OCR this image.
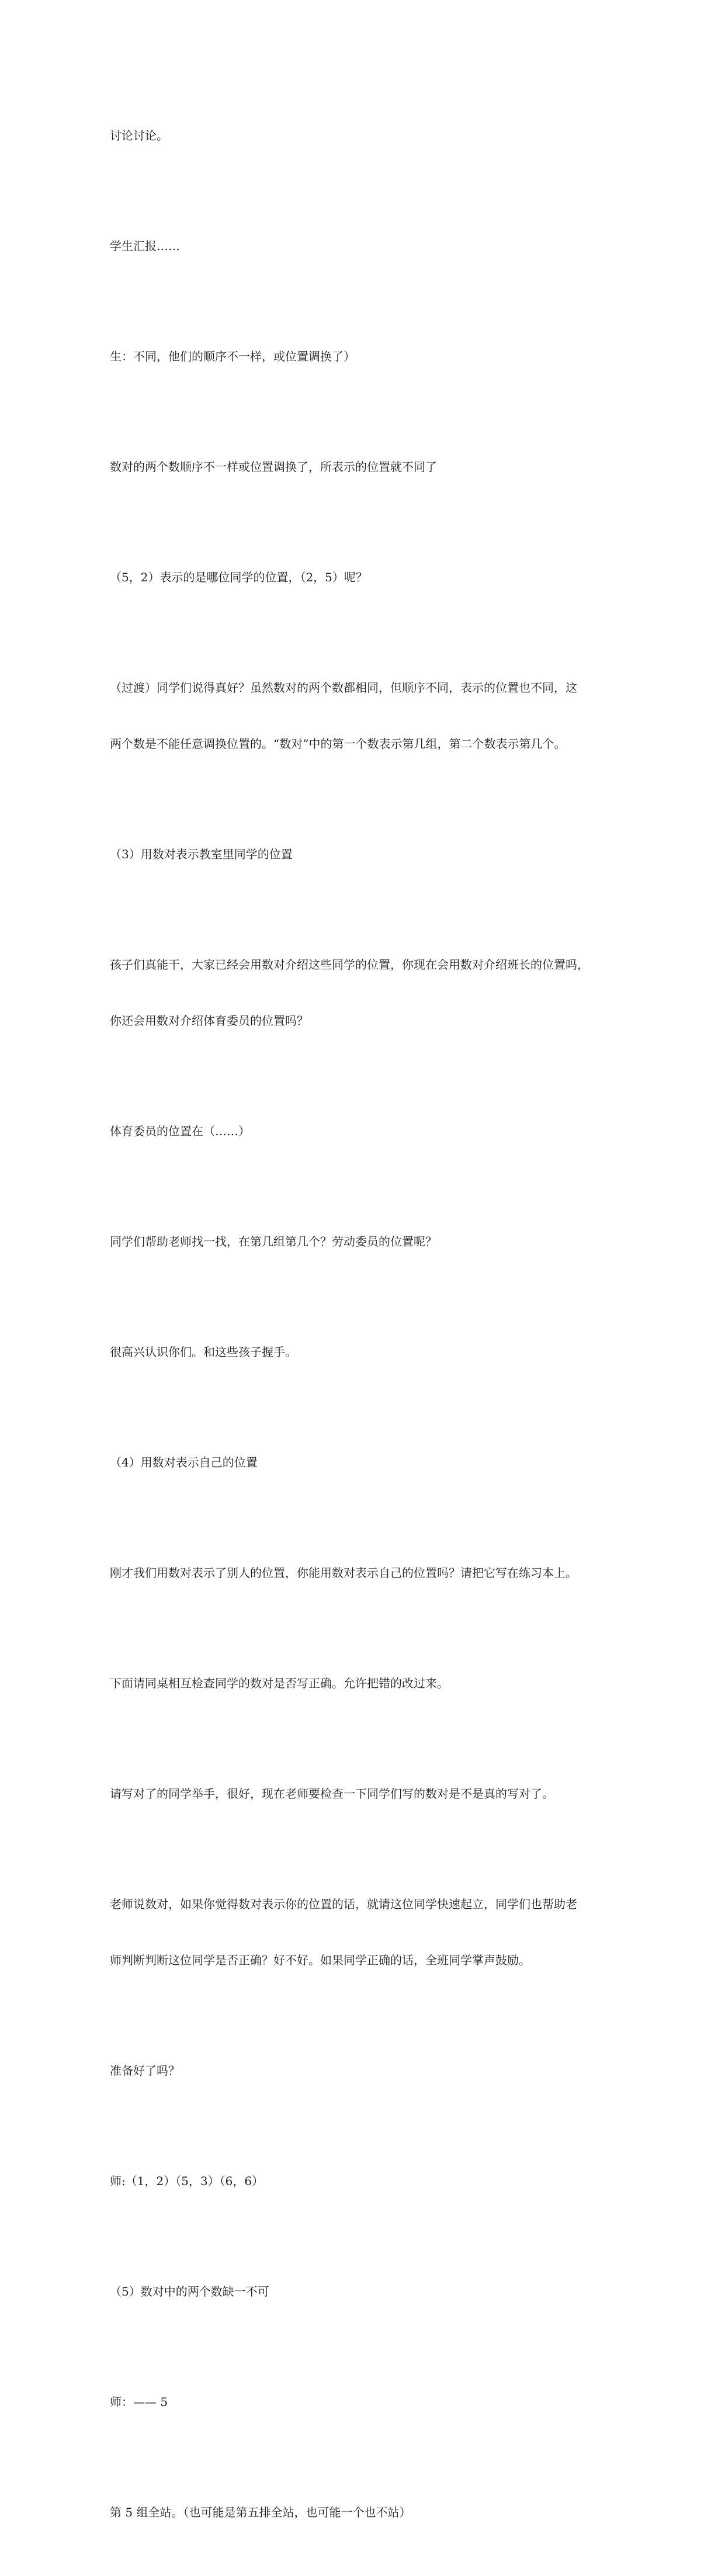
讨论讨论。

学生汇报……

生：不同，他们的顺序不一样，或位置调换了）

数对的两个数顺序不一样或位置调换了，所表示的位置就不同了

（5，2）表示的是哪位同学的位置，（2，5）呢？

（过渡）同学们说得真好？虽然数对的两个数都相同，但顺序不同，表示的位置也不同，这

两个数是不能任意调换位置的。“数对”中的第一个数表示第几组，第二个数表示第几个。

（3）用数对表示教室里同学的位置

孩子们真能干，大家已经会用数对介绍这些同学的位置，你现在会用数对介绍班长的位置吗，

你还会用数对介绍体育委员的位置吗？

体育委员的位置在（……）

同学们帮助老师找一找，在第几组第几个？劳动委员的位置呢？

很高兴认识你们。和这些孩子握手。

（4）用数对表示自己的位置

刚才我们用数对表示了别人的位置，你能用数对表示自己的位置吗？请把它写在练习本上。

下面请同桌相互检查同学的数对是否写正确。允许把错的改过来。

请写对了的同学举手，很好，现在老师要检查一下同学们写的数对是不是真的写对了。

老师说数对，如果你觉得数对表示你的位置的话，就请这位同学快速起立，同学们也帮助老

师判断判断这位同学是否正确？好不好。如果同学正确的话，全班同学掌声鼓励。

准备好了吗？

师:（1，2）（5，3）（6，6）

（5）数对中的两个数缺一不可

师：—— 5

第 5 组全站。（也可能是第五排全站，也可能一个也不站）
